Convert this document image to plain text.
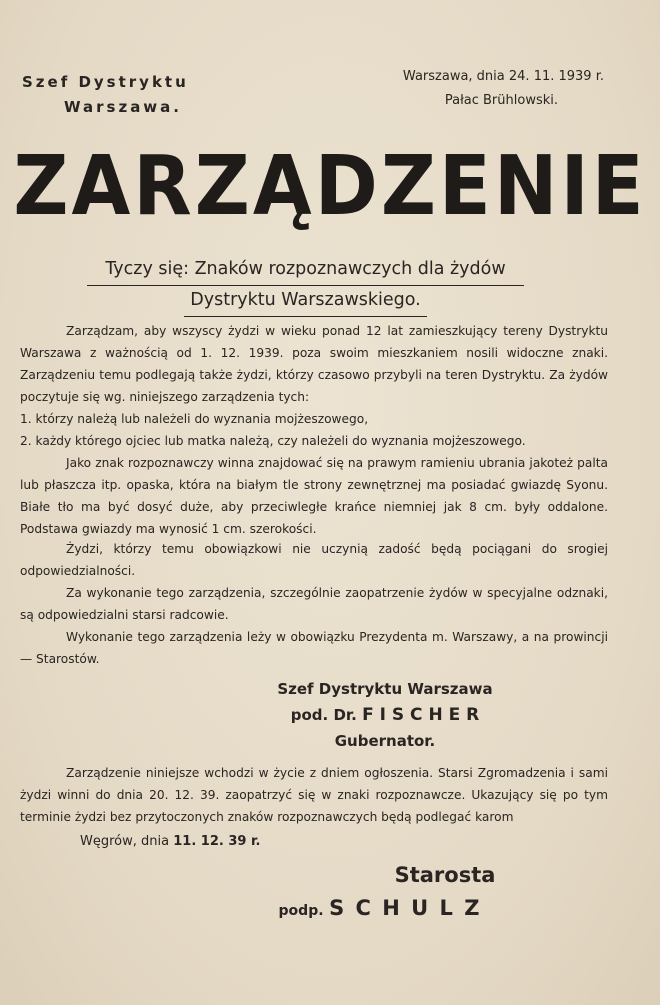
Szef Dystryktu
Warszawa.
Warszawa, dnia 24. 11. 1939 r.
Pałac Brühlowski.
ZARZĄDZENIE
Tyczy się: Znaków rozpoznawczych dla żydów
Dystryktu Warszawskiego.
Zarządzam, aby wszyscy żydzi w wieku ponad 12 lat zamieszkujący tereny Dystryktu Warszawa z ważnością od 1. 12. 1939. poza swoim mieszkaniem nosili widoczne znaki. Zarządzeniu temu podlegają także żydzi, którzy czasowo przybyli na teren Dystryktu. Za żydów poczytuje się wg. niniejszego zarządzenia tych:
1. którzy należą lub należeli do wyznania mojżeszowego,
2. każdy którego ojciec lub matka należą, czy należeli do wyznania mojżeszowego.
Jako znak rozpoznawczy winna znajdować się na prawym ramieniu ubrania jakoteż palta lub płaszcza itp. opaska, która na białym tle strony zewnętrznej ma posiadać gwiazdę Syonu. Białe tło ma być dosyć duże, aby przeciwległe krańce niemniej jak 8 cm. były oddalone. Podstawa gwiazdy ma wynosić 1 cm. szerokości.
Żydzi, którzy temu obowiązkowi nie uczynią zadość będą pociągani do srogiej odpowiedzialności.
Za wykonanie tego zarządzenia, szczególnie zaopatrzenie żydów w specyjalne odznaki, są odpowiedzialni starsi radcowie.
Wykonanie tego zarządzenia leży w obowiązku Prezydenta m. Warszawy, a na prowincji — Starostów.
Szef Dystryktu Warszawa
pod. Dr. F I S C H E R
Gubernator.
Zarządzenie niniejsze wchodzi w życie z dniem ogłoszenia. Starsi Zgromadzenia i sami żydzi winni do dnia 20. 12. 39. zaopatrzyć się w znaki rozpoznawcze. Ukazujący się po tym terminie żydzi bez przytoczonych znaków rozpoznawczych będą podlegać karom
Węgrów, dnia 11. 12. 39 r.
Starosta
podp. S C H U L Z
